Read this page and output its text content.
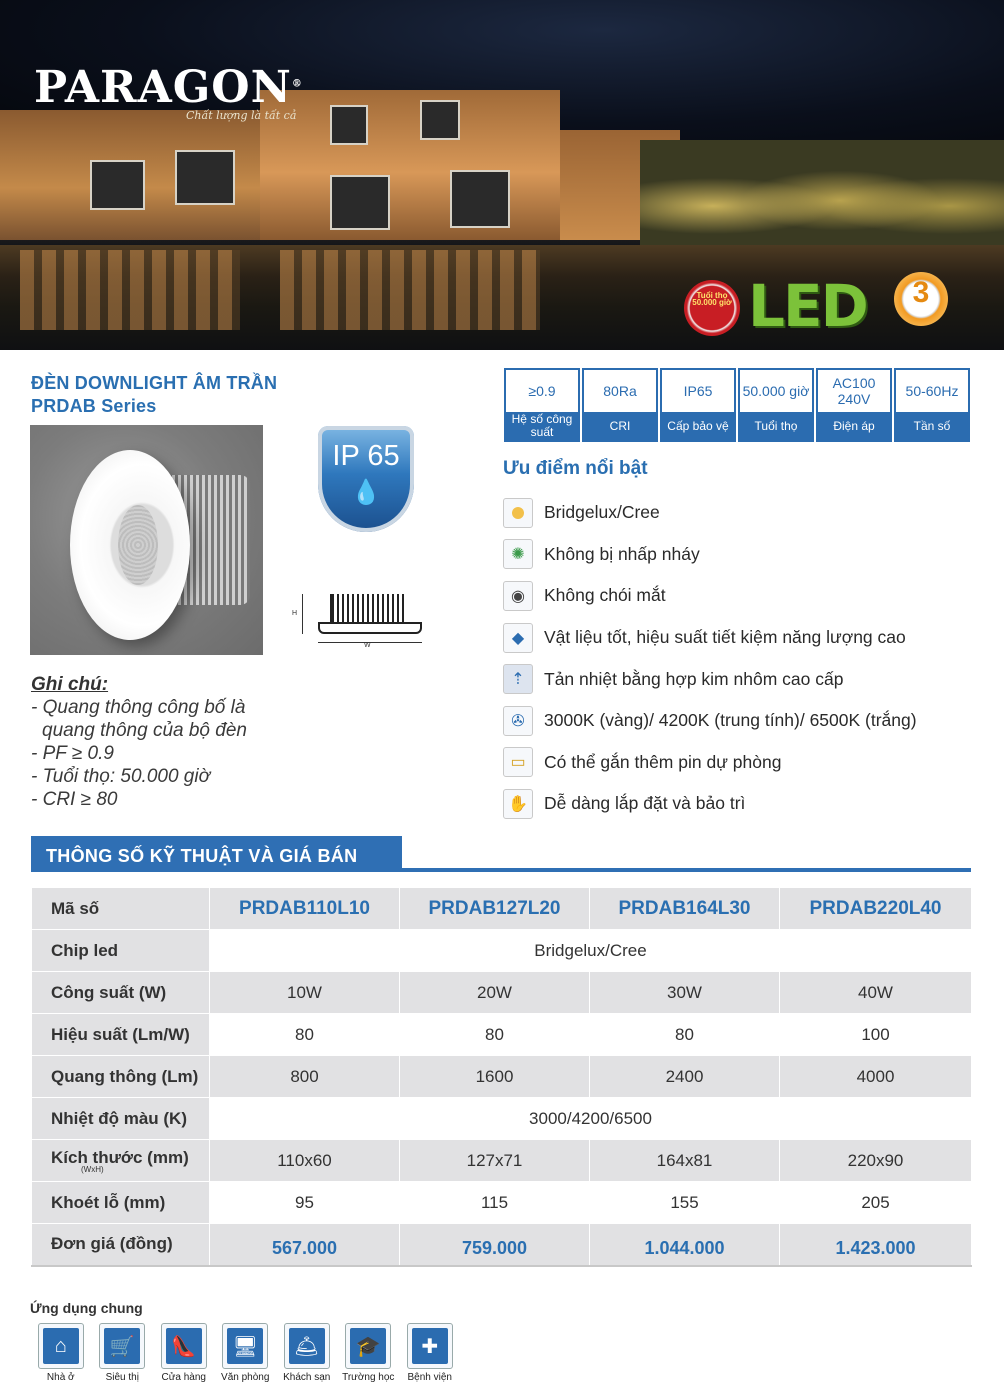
PARAGON®
Chất lượng là tất cả
Tuổi thọ 50.000 giờ LED	3
ĐÈN DOWNLIGHT ÂM TRẦN
PRDAB Series
IP 65
💧
H
W
Ghi chú:
- Quang thông công bố là
quang thông của bộ đèn
- PF ≥ 0.9
- Tuổi thọ: 50.000 giờ
- CRI ≥ 80
≥0.9
Hệ số công suất
80Ra
CRI
IP65
Cấp bảo vệ
50.000 giờ
Tuổi thọ
AC100 240V
Điện áp
50-60Hz
Tần số
Ưu điểm nổi bật
Bridgelux/Cree
✺	Không bị nhấp nháy
◉	Không chói mắt
◆	Vật liệu tốt, hiệu suất tiết kiệm năng lượng cao
⇡	Tản nhiệt bằng hợp kim nhôm cao cấp
✇	3000K (vàng)/ 4200K (trung tính)/ 6500K (trắng)
▭	Có thể gắn thêm pin dự phòng
✋ Dễ dàng lắp đặt và bảo trì
THÔNG SỐ KỸ THUẬT VÀ GIÁ BÁN
Mã số	PRDAB110L10	PRDAB127L20	PRDAB164L30	PRDAB220L40
Chip led	Bridgelux/Cree			
Công suất (W)	10W	20W	30W	40W
Hiệu suất (Lm/W)	80	80	80	100
Quang thông (Lm)	800	1600	2400	4000
Nhiệt độ màu (K)	3000/4200/6500			
Kích thước (mm)
(WxH)	110x60	127x71	164x81	220x90
Khoét lỗ (mm)	95	115	155	205
Đơn giá (đồng)	567.000	759.000	1.044.000	1.423.000
Ứng dụng chung
⌂
Nhà ở
🛒
Siêu thị
👠
Cửa hàng
🖥
Văn phòng
🛎
Khách sạn
🎓
Trường học
✚
Bệnh viện
